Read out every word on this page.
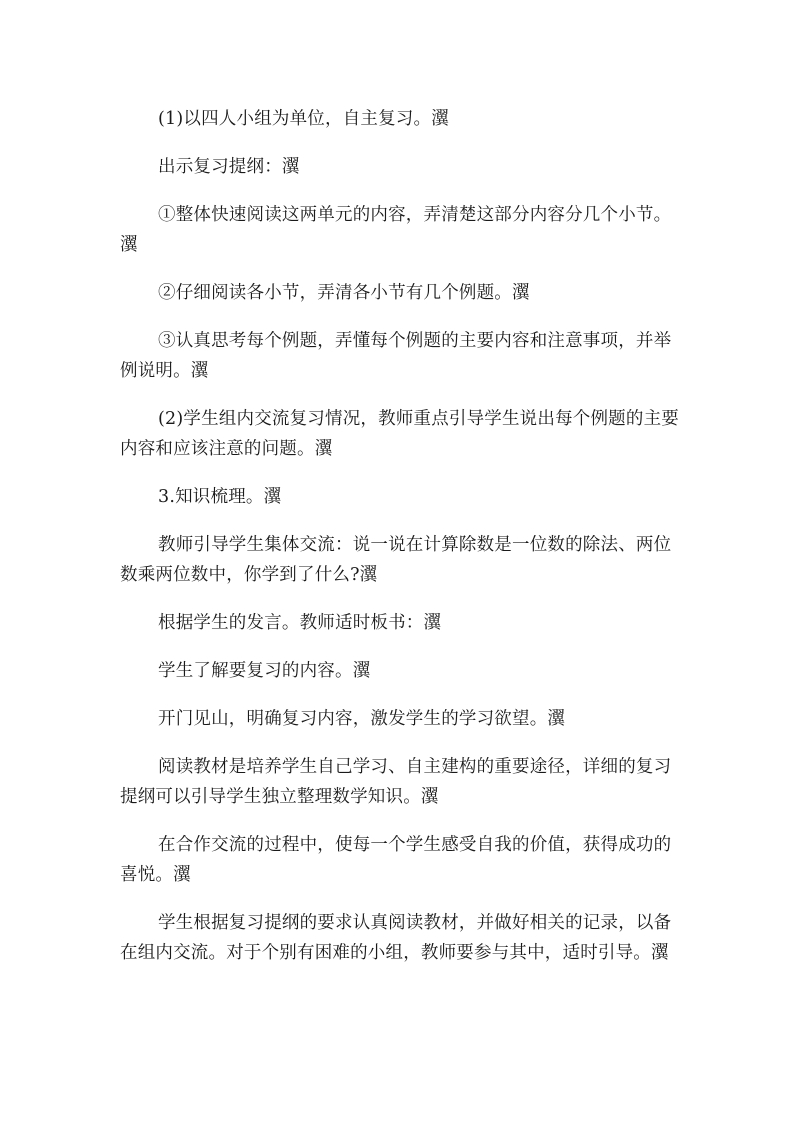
(1)以四人小组为单位，自主复习。瀷

出示复习提纲：瀷

①整体快速阅读这两单元的内容，弄清楚这部分内容分几个小节。瀷

②仔细阅读各小节，弄清各小节有几个例题。瀷

③认真思考每个例题，弄懂每个例题的主要内容和注意事项，并举例说明。瀷

(2)学生组内交流复习情况，教师重点引导学生说出每个例题的主要内容和应该注意的问题。瀷

3.知识梳理。瀷

教师引导学生集体交流：说一说在计算除数是一位数的除法、两位数乘两位数中，你学到了什么?瀷

根据学生的发言。教师适时板书：瀷

学生了解要复习的内容。瀷

开门见山，明确复习内容，激发学生的学习欲望。瀷

阅读教材是培养学生自己学习、自主建构的重要途径，详细的复习提纲可以引导学生独立整理数学知识。瀷

在合作交流的过程中，使每一个学生感受自我的价值，获得成功的喜悦。瀷

学生根据复习提纲的要求认真阅读教材，并做好相关的记录，以备在组内交流。对于个别有困难的小组，教师要参与其中，适时引导。瀷
